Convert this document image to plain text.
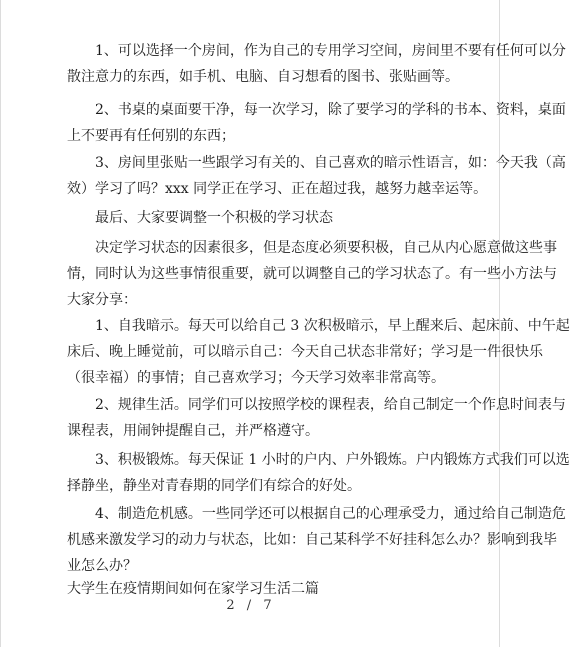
1、可以选择一个房间，作为自己的专用学习空间，房间里不要有任何可以分
散注意力的东西，如手机、电脑、自习想看的图书、张贴画等。
2、书桌的桌面要干净，每一次学习，除了要学习的学科的书本、资料，桌面
上不要再有任何别的东西；
3、房间里张贴一些跟学习有关的、自己喜欢的暗示性语言，如：今天我（高
效）学习了吗？xxx 同学正在学习、正在超过我，越努力越幸运等。
最后、大家要调整一个积极的学习状态
决定学习状态的因素很多，但是态度必须要积极，自己从内心愿意做这些事
情，同时认为这些事情很重要，就可以调整自己的学习状态了。有一些小方法与
大家分享：
1、自我暗示。每天可以给自己 3 次积极暗示，早上醒来后、起床前、中午起
床后、晚上睡觉前，可以暗示自己：今天自己状态非常好；学习是一件很快乐
（很幸福）的事情；自己喜欢学习；今天学习效率非常高等。
2、规律生活。同学们可以按照学校的课程表，给自己制定一个作息时间表与
课程表，用闹钟提醒自己，并严格遵守。
3、积极锻炼。每天保证 1 小时的户内、户外锻炼。户内锻炼方式我们可以选
择静坐，静坐对青春期的同学们有综合的好处。
4、制造危机感。一些同学还可以根据自己的心理承受力，通过给自己制造危
机感来激发学习的动力与状态，比如：自己某科学不好挂科怎么办？影响到我毕
业怎么办？
大学生在疫情期间如何在家学习生活二篇
2 / 7
